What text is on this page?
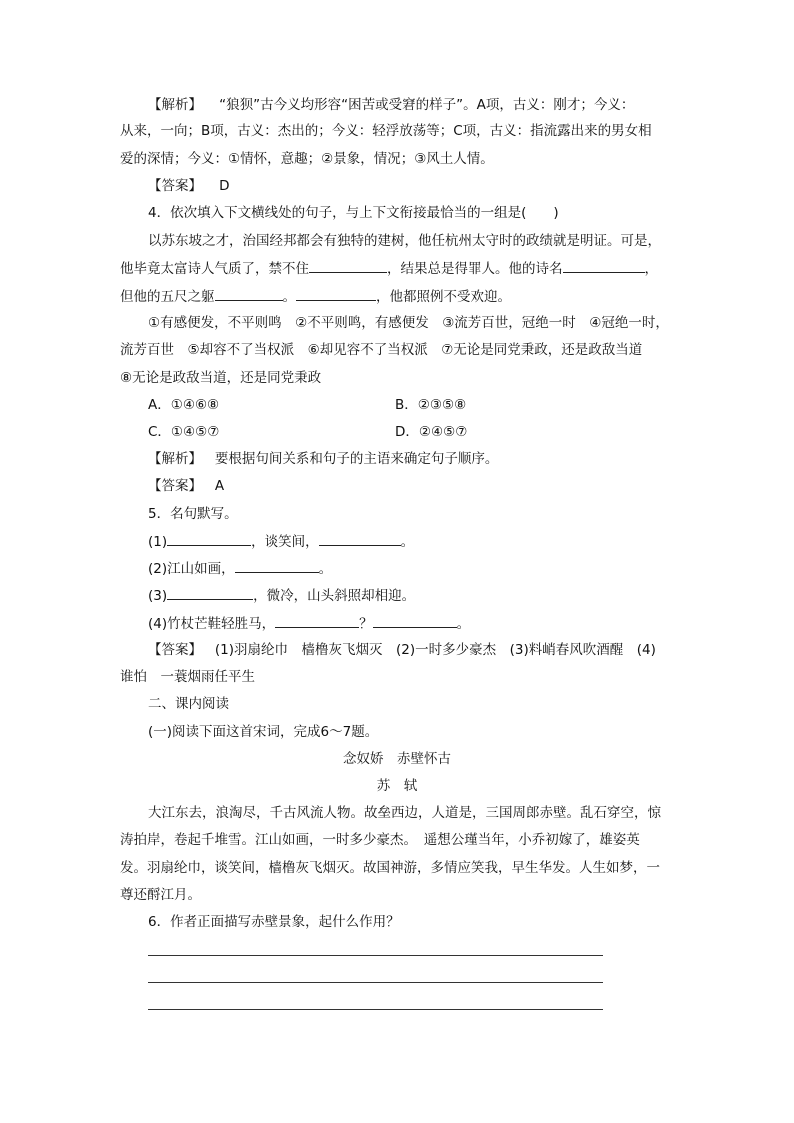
【解析】 “狼狈”古今义均形容“困苦或受窘的样子”。A项，古义：刚才；今义：
从来，一向；B项，古义：杰出的；今义：轻浮放荡等；C项，古义：指流露出来的男女相
爱的深情；今义：①情怀，意趣；②景象，情况；③风土人情。
【答案】 D
4．依次填入下文横线处的句子，与上下文衔接最恰当的一组是(　　)
以苏东坡之才，治国经邦都会有独特的建树，他任杭州太守时的政绩就是明证。可是，
他毕竟太富诗人气质了，禁不住	，结果总是得罪人。他的诗名	，
但他的五尺之躯	。	，他都照例不受欢迎。
①有感便发，不平则鸣　②不平则鸣，有感便发　③流芳百世，冠绝一时　④冠绝一时，
流芳百世　⑤却容不了当权派　⑥却见容不了当权派　⑦无论是同党秉政，还是政敌当道
⑧无论是政敌当道，还是同党秉政
A．①④⑥⑧	B．②③⑤⑧
C．①④⑤⑦	D．②④⑤⑦
【解析】 要根据句间关系和句子的主语来确定句子顺序。
【答案】 A
5．名句默写。
(1)	，谈笑间，	。
(2)江山如画，	。
(3)	，微冷，山头斜照却相迎。
(4)竹杖芒鞋轻胜马，	？	。
【答案】 (1)羽扇纶巾　樯橹灰飞烟灭　(2)一时多少豪杰　(3)料峭春风吹酒醒　(4)
谁怕　一蓑烟雨任平生
二、课内阅读
(一)阅读下面这首宋词，完成6～7题。
念奴娇　赤壁怀古
苏　轼
大江东去，浪淘尽，千古风流人物。故垒西边，人道是，三国周郎赤壁。乱石穿空，惊
涛拍岸，卷起千堆雪。江山如画，一时多少豪杰。　遥想公瑾当年，小乔初嫁了，雄姿英
发。羽扇纶巾，谈笑间，樯橹灰飞烟灭。故国神游，多情应笑我，早生华发。人生如梦，一
尊还酹江月。
6．作者正面描写赤壁景象，起什么作用？
